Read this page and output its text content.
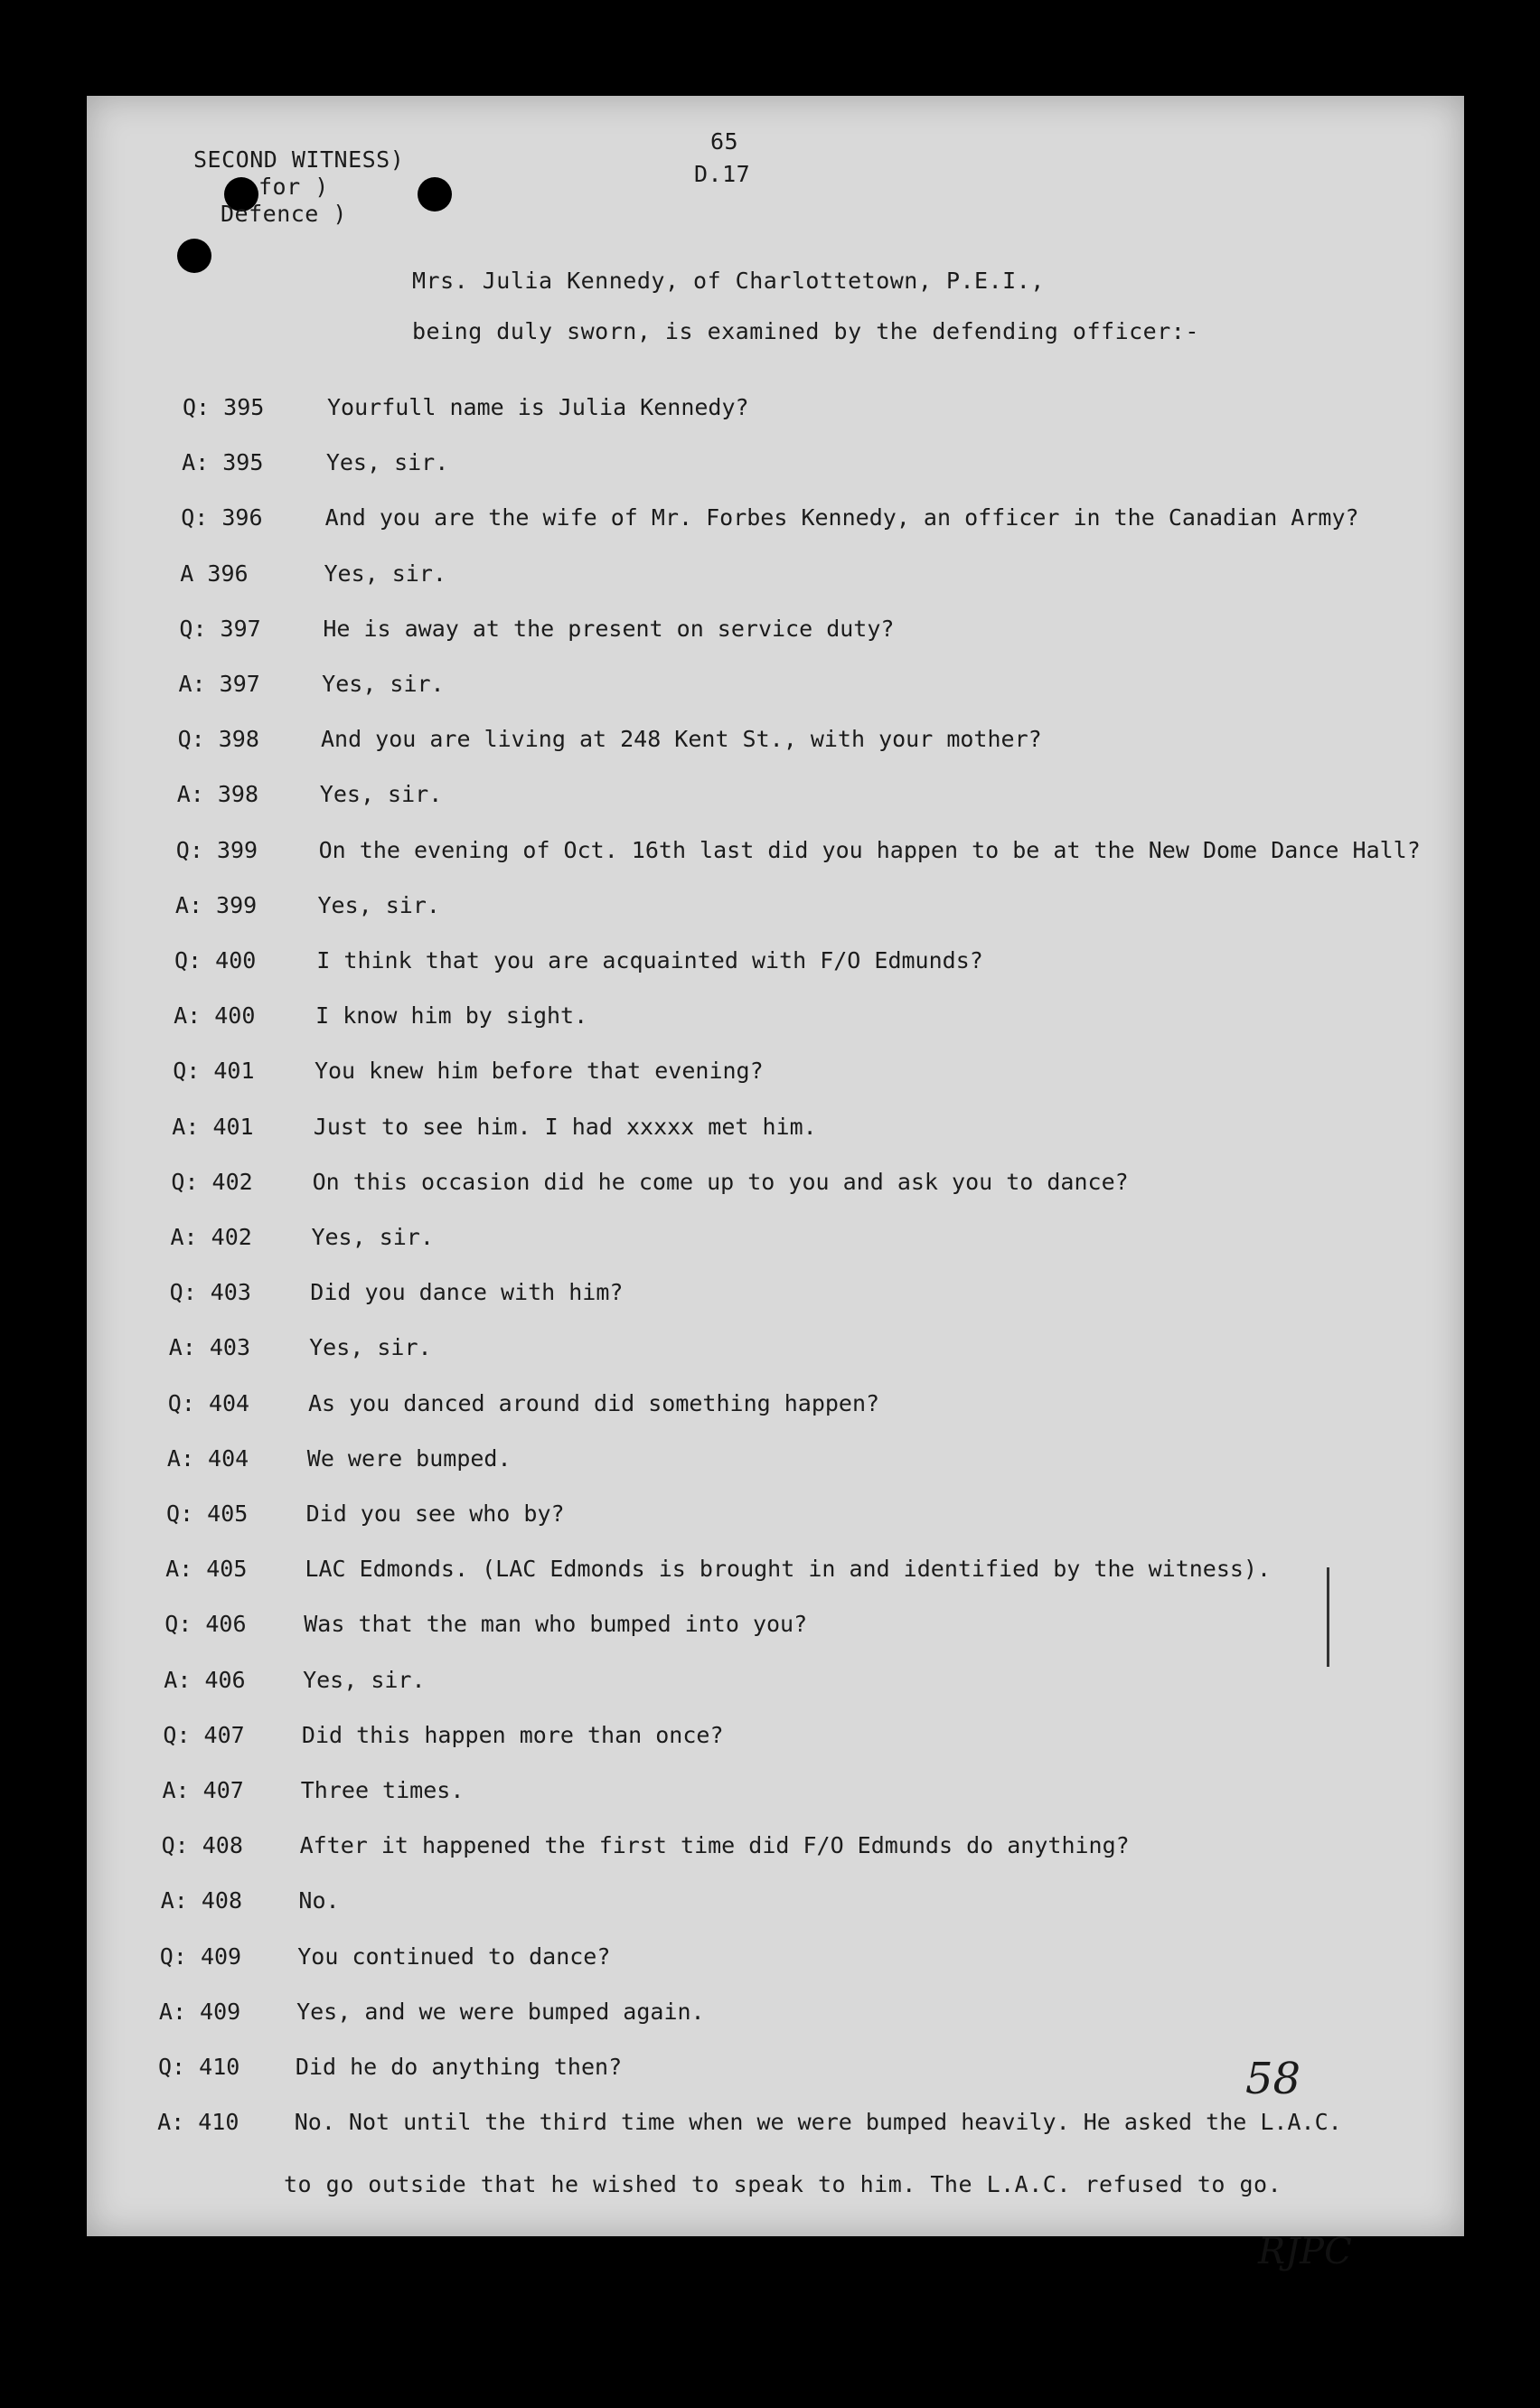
65
D.17
SECOND WITNESS)
for )
Defence )
Mrs. Julia Kennedy, of Charlottetown, P.E.I.,
being duly sworn, is examined by the defending officer:-
Q: 395	Yourfull name is Julia Kennedy?
A: 395	Yes, sir.
Q: 396	And you are the wife of Mr. Forbes Kennedy, an officer in the Canadian Army?
A 396	Yes, sir.
Q: 397	He is away at the present on service duty?
A: 397	Yes, sir.
Q: 398	And you are living at 248 Kent St., with your mother?
A: 398	Yes, sir.
Q: 399	On the evening of Oct. 16th last did you happen to be at the New Dome Dance Hall?
A: 399	Yes, sir.
Q: 400	I think that you are acquainted with F/O Edmunds?
A: 400	I know him by sight.
Q: 401	You knew him before that evening?
A: 401	Just to see him. I had xxxxx met him.
Q: 402	On this occasion did he come up to you and ask you to dance?
A: 402	Yes, sir.
Q: 403	Did you dance with him?
A: 403	Yes, sir.
Q: 404	As you danced around did something happen?
A: 404	We were bumped.
Q: 405	Did you see who by?
A: 405	LAC Edmonds. (LAC Edmonds is brought in and identified by the witness).
Q: 406	Was that the man who bumped into you?
A: 406	Yes, sir.
Q: 407	Did this happen more than once?
A: 407	Three times.
Q: 408	After it happened the first time did F/O Edmunds do anything?
A: 408 No.
Q: 409 You continued to dance?
A: 409 Yes, and we were bumped again.
Q: 410 Did he do anything then?
A: 410 No. Not until the third time when we were bumped heavily. He asked the L.A.C.
to go outside that he wished to speak to him. The L.A.C. refused to go.
58
RJPC
